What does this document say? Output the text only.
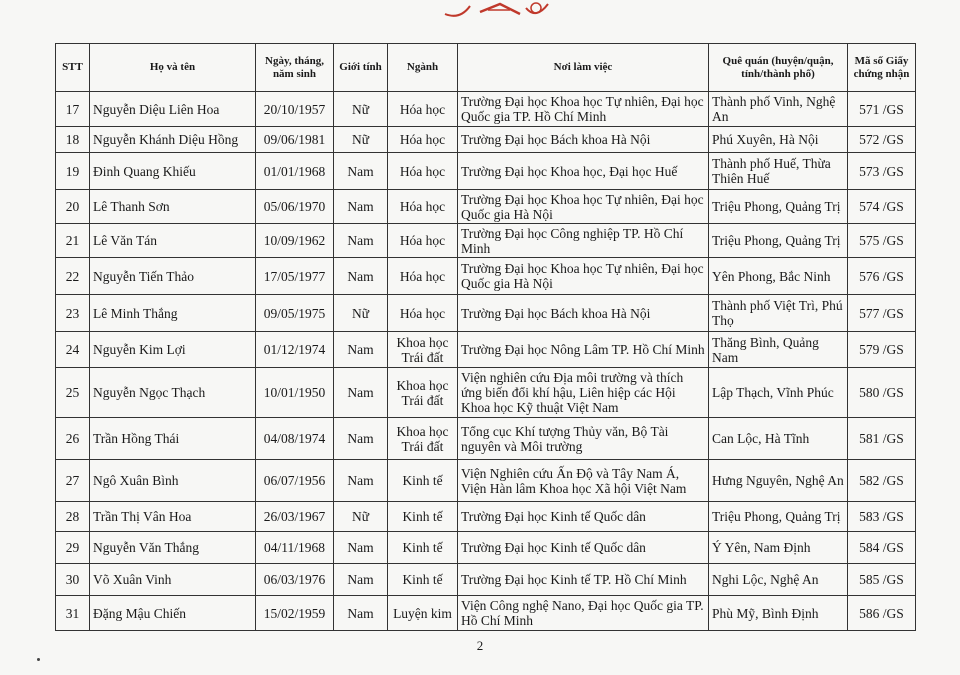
STT	Họ và tên	Ngày, tháng, năm sinh	Giới tính	Ngành	Nơi làm việc	Quê quán (huyện/quận, tỉnh/thành phố)	Mã số Giấy chứng nhận
17	Nguyễn Diệu Liên Hoa	20/10/1957	Nữ	Hóa học	Trường Đại học Khoa học Tự nhiên, Đại học Quốc gia TP. Hồ Chí Minh	Thành phố Vinh, Nghệ An	571 /GS
18	Nguyễn Khánh Diệu Hồng	09/06/1981	Nữ	Hóa học	Trường Đại học Bách khoa Hà Nội	Phú Xuyên, Hà Nội	572 /GS
19	Đinh Quang Khiếu	01/01/1968	Nam	Hóa học	Trường Đại học Khoa học, Đại học Huế	Thành phố Huế, Thừa Thiên Huế	573 /GS
20	Lê Thanh Sơn	05/06/1970	Nam	Hóa học	Trường Đại học Khoa học Tự nhiên, Đại học Quốc gia Hà Nội	Triệu Phong, Quảng Trị	574 /GS
21	Lê Văn Tán	10/09/1962	Nam	Hóa học	Trường Đại học Công nghiệp TP. Hồ Chí Minh	Triệu Phong, Quảng Trị	575 /GS
22	Nguyễn Tiến Thảo	17/05/1977	Nam	Hóa học	Trường Đại học Khoa học Tự nhiên, Đại học Quốc gia Hà Nội	Yên Phong, Bắc Ninh	576 /GS
23	Lê Minh Thắng	09/05/1975	Nữ	Hóa học	Trường Đại học Bách khoa Hà Nội	Thành phố Việt Trì, Phú Thọ	577 /GS
24	Nguyễn Kim Lợi	01/12/1974	Nam	Khoa học Trái đất	Trường Đại học Nông Lâm TP. Hồ Chí Minh	Thăng Bình, Quảng Nam	579 /GS
25	Nguyễn Ngọc Thạch	10/01/1950	Nam	Khoa học Trái đất	Viện nghiên cứu Địa môi trường và thích ứng biến đổi khí hậu, Liên hiệp các Hội Khoa học Kỹ thuật Việt Nam	Lập Thạch, Vĩnh Phúc	580 /GS
26	Trần Hồng Thái	04/08/1974	Nam	Khoa học Trái đất	Tổng cục Khí tượng Thủy văn, Bộ Tài nguyên và Môi trường	Can Lộc, Hà Tĩnh	581 /GS
27	Ngô Xuân Bình	06/07/1956	Nam	Kinh tế	Viện Nghiên cứu Ấn Độ và Tây Nam Á, Viện Hàn lâm Khoa học Xã hội Việt Nam	Hưng Nguyên, Nghệ An	582 /GS
28	Trần Thị Vân Hoa	26/03/1967	Nữ	Kinh tế	Trường Đại học Kinh tế Quốc dân	Triệu Phong, Quảng Trị	583 /GS
29	Nguyễn Văn Thắng	04/11/1968	Nam	Kinh tế	Trường Đại học Kinh tế Quốc dân	Ý Yên, Nam Định	584 /GS
30	Võ Xuân Vinh	06/03/1976	Nam	Kinh tế	Trường Đại học Kinh tế TP. Hồ Chí Minh	Nghi Lộc, Nghệ An	585 /GS
31	Đặng Mậu Chiến	15/02/1959	Nam	Luyện kim	Viện Công nghệ Nano, Đại học Quốc gia TP. Hồ Chí Minh	Phù Mỹ, Bình Định	586 /GS
2
